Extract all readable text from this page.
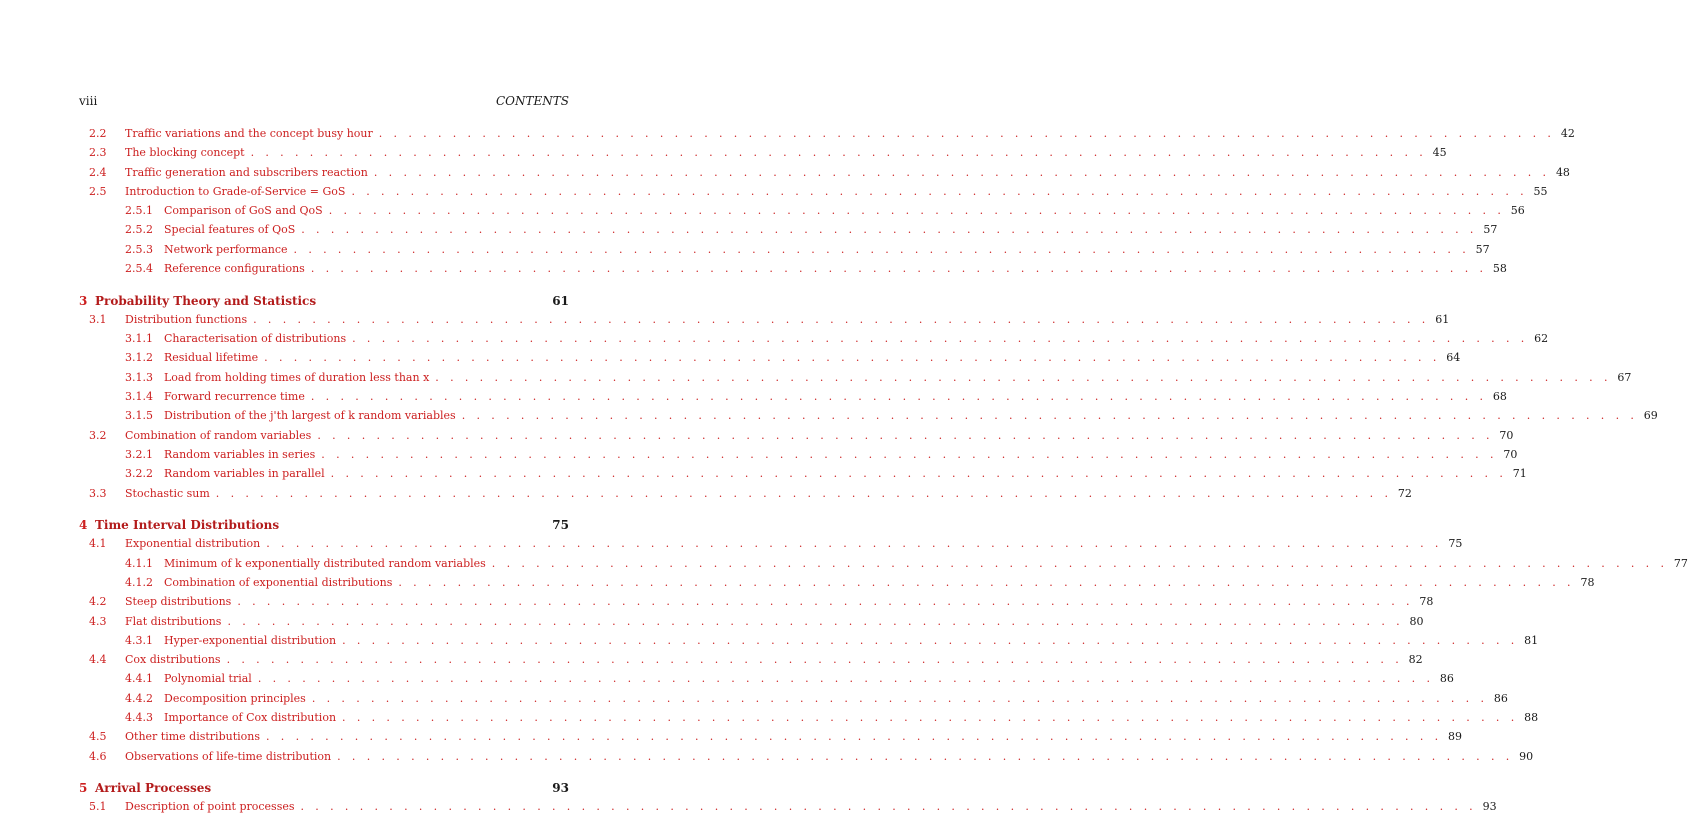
viii	CONTENTS
2.2 Traffic variations and the concept busy hour . . . . . . . . . . . . . . . . . . . . . . . . . . . . . . . . . . . . . . . . . . . . . . . . . . . . . . . . . . . . . . . . . . . . . . . . . . . . . . . . 42
2.3 The blocking concept . . . . . . . . . . . . . . . . . . . . . . . . . . . . . . . . . . . . . . . . . . . . . . . . . . . . . . . . . . . . . . . . . . . . . . . . . . . . . . . . 45
2.4 Traffic generation and subscribers reaction . . . . . . . . . . . . . . . . . . . . . . . . . . . . . . . . . . . . . . . . . . . . . . . . . . . . . . . . . . . . . . . . . . . . . . . . . . . . . . . . 48
2.5 Introduction to Grade-of-Service = GoS . . . . . . . . . . . . . . . . . . . . . . . . . . . . . . . . . . . . . . . . . . . . . . . . . . . . . . . . . . . . . . . . . . . . . . . . . . . . . . . . 55
2.5.1 Comparison of GoS and QoS . . . . . . . . . . . . . . . . . . . . . . . . . . . . . . . . . . . . . . . . . . . . . . . . . . . . . . . . . . . . . . . . . . . . . . . . . . . . . . . . 56
2.5.2 Special features of QoS . . . . . . . . . . . . . . . . . . . . . . . . . . . . . . . . . . . . . . . . . . . . . . . . . . . . . . . . . . . . . . . . . . . . . . . . . . . . . . . . 57
2.5.3 Network performance . . . . . . . . . . . . . . . . . . . . . . . . . . . . . . . . . . . . . . . . . . . . . . . . . . . . . . . . . . . . . . . . . . . . . . . . . . . . . . . . 57
2.5.4 Reference configurations . . . . . . . . . . . . . . . . . . . . . . . . . . . . . . . . . . . . . . . . . . . . . . . . . . . . . . . . . . . . . . . . . . . . . . . . . . . . . . . . 58
3 Probability Theory and Statistics	61
3.1 Distribution functions . . . . . . . . . . . . . . . . . . . . . . . . . . . . . . . . . . . . . . . . . . . . . . . . . . . . . . . . . . . . . . . . . . . . . . . . . . . . . . . . 61
3.1.1 Characterisation of distributions . . . . . . . . . . . . . . . . . . . . . . . . . . . . . . . . . . . . . . . . . . . . . . . . . . . . . . . . . . . . . . . . . . . . . . . . . . . . . . . . 62
3.1.2 Residual lifetime . . . . . . . . . . . . . . . . . . . . . . . . . . . . . . . . . . . . . . . . . . . . . . . . . . . . . . . . . . . . . . . . . . . . . . . . . . . . . . . . 64
3.1.3 Load from holding times of duration less than x . . . . . . . . . . . . . . . . . . . . . . . . . . . . . . . . . . . . . . . . . . . . . . . . . . . . . . . . . . . . . . . . . . . . . . . . . . . . . . . . 67
3.1.4 Forward recurrence time . . . . . . . . . . . . . . . . . . . . . . . . . . . . . . . . . . . . . . . . . . . . . . . . . . . . . . . . . . . . . . . . . . . . . . . . . . . . . . . . 68
3.1.5 Distribution of the j'th largest of k random variables . . . . . . . . . . . . . . . . . . . . . . . . . . . . . . . . . . . . . . . . . . . . . . . . . . . . . . . . . . . . . . . . . . . . . . . . . . . . . . . . 69
3.2 Combination of random variables . . . . . . . . . . . . . . . . . . . . . . . . . . . . . . . . . . . . . . . . . . . . . . . . . . . . . . . . . . . . . . . . . . . . . . . . . . . . . . . . 70
3.2.1 Random variables in series . . . . . . . . . . . . . . . . . . . . . . . . . . . . . . . . . . . . . . . . . . . . . . . . . . . . . . . . . . . . . . . . . . . . . . . . . . . . . . . . 70
3.2.2 Random variables in parallel . . . . . . . . . . . . . . . . . . . . . . . . . . . . . . . . . . . . . . . . . . . . . . . . . . . . . . . . . . . . . . . . . . . . . . . . . . . . . . . . 71
3.3 Stochastic sum . . . . . . . . . . . . . . . . . . . . . . . . . . . . . . . . . . . . . . . . . . . . . . . . . . . . . . . . . . . . . . . . . . . . . . . . . . . . . . . . 72
4 Time Interval Distributions	75
4.1 Exponential distribution . . . . . . . . . . . . . . . . . . . . . . . . . . . . . . . . . . . . . . . . . . . . . . . . . . . . . . . . . . . . . . . . . . . . . . . . . . . . . . . . 75
4.1.1 Minimum of k exponentially distributed random variables . . . . . . . . . . . . . . . . . . . . . . . . . . . . . . . . . . . . . . . . . . . . . . . . . . . . . . . . . . . . . . . . . . . . . . . . . . . . . . . . 77
4.1.2 Combination of exponential distributions . . . . . . . . . . . . . . . . . . . . . . . . . . . . . . . . . . . . . . . . . . . . . . . . . . . . . . . . . . . . . . . . . . . . . . . . . . . . . . . . 78
4.2 Steep distributions . . . . . . . . . . . . . . . . . . . . . . . . . . . . . . . . . . . . . . . . . . . . . . . . . . . . . . . . . . . . . . . . . . . . . . . . . . . . . . . . 78
4.3 Flat distributions . . . . . . . . . . . . . . . . . . . . . . . . . . . . . . . . . . . . . . . . . . . . . . . . . . . . . . . . . . . . . . . . . . . . . . . . . . . . . . . . 80
4.3.1 Hyper-exponential distribution . . . . . . . . . . . . . . . . . . . . . . . . . . . . . . . . . . . . . . . . . . . . . . . . . . . . . . . . . . . . . . . . . . . . . . . . . . . . . . . . 81
4.4 Cox distributions . . . . . . . . . . . . . . . . . . . . . . . . . . . . . . . . . . . . . . . . . . . . . . . . . . . . . . . . . . . . . . . . . . . . . . . . . . . . . . . . 82
4.4.1 Polynomial trial . . . . . . . . . . . . . . . . . . . . . . . . . . . . . . . . . . . . . . . . . . . . . . . . . . . . . . . . . . . . . . . . . . . . . . . . . . . . . . . . 86
4.4.2 Decomposition principles . . . . . . . . . . . . . . . . . . . . . . . . . . . . . . . . . . . . . . . . . . . . . . . . . . . . . . . . . . . . . . . . . . . . . . . . . . . . . . . . 86
4.4.3 Importance of Cox distribution . . . . . . . . . . . . . . . . . . . . . . . . . . . . . . . . . . . . . . . . . . . . . . . . . . . . . . . . . . . . . . . . . . . . . . . . . . . . . . . . 88
4.5 Other time distributions . . . . . . . . . . . . . . . . . . . . . . . . . . . . . . . . . . . . . . . . . . . . . . . . . . . . . . . . . . . . . . . . . . . . . . . . . . . . . . . . 89
4.6 Observations of life-time distribution . . . . . . . . . . . . . . . . . . . . . . . . . . . . . . . . . . . . . . . . . . . . . . . . . . . . . . . . . . . . . . . . . . . . . . . . . . . . . . . . 90
5 Arrival Processes	93
5.1 Description of point processes . . . . . . . . . . . . . . . . . . . . . . . . . . . . . . . . . . . . . . . . . . . . . . . . . . . . . . . . . . . . . . . . . . . . . . . . . . . . . . . . 93
